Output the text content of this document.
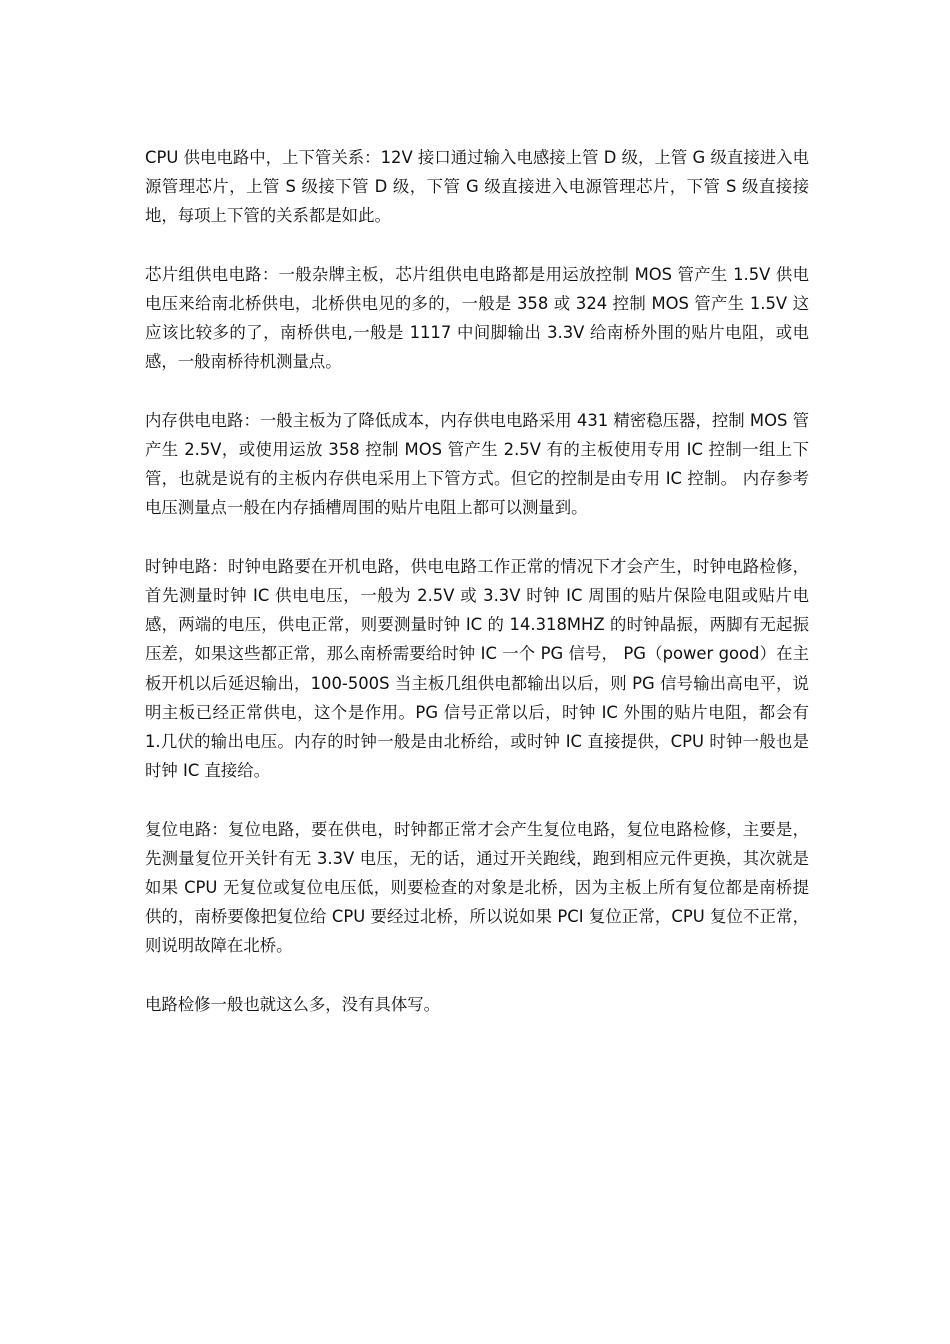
CPU 供电电路中，上下管关系：12V 接口通过输入电感接上管 D 级，上管 G 级直接进入电源管理芯片，上管 S 级接下管 D 级，下管 G 级直接进入电源管理芯片，下管 S 级直接接地，每项上下管的关系都是如此。

芯片组供电电路：一般杂牌主板，芯片组供电电路都是用运放控制 MOS 管产生 1.5V 供电电压来给南北桥供电，北桥供电见的多的，一般是 358 或 324 控制 MOS 管产生 1.5V 这应该比较多的了，南桥供电,一般是 1117 中间脚输出 3.3V 给南桥外围的贴片电阻，或电感，一般南桥待机测量点。

内存供电电路：一般主板为了降低成本，内存供电电路采用 431 精密稳压器，控制 MOS 管产生 2.5V，或使用运放 358 控制 MOS 管产生 2.5V 有的主板使用专用 IC 控制一组上下管，也就是说有的主板内存供电采用上下管方式。但它的控制是由专用 IC 控制。 内存参考电压测量点一般在内存插槽周围的贴片电阻上都可以测量到。

时钟电路：时钟电路要在开机电路，供电电路工作正常的情况下才会产生，时钟电路检修，首先测量时钟 IC 供电电压，一般为 2.5V 或 3.3V 时钟 IC 周围的贴片保险电阻或贴片电感，两端的电压，供电正常，则要测量时钟 IC 的 14.318MHZ 的时钟晶振，两脚有无起振压差，如果这些都正常，那么南桥需要给时钟 IC 一个 PG 信号， PG（power good）在主板开机以后延迟输出，100-500S 当主板几组供电都输出以后，则 PG 信号输出高电平，说明主板已经正常供电，这个是作用。PG 信号正常以后，时钟 IC 外围的贴片电阻，都会有 1.几伏的输出电压。内存的时钟一般是由北桥给，或时钟 IC 直接提供，CPU 时钟一般也是时钟 IC 直接给。

复位电路：复位电路，要在供电，时钟都正常才会产生复位电路，复位电路检修，主要是，先测量复位开关针有无 3.3V 电压，无的话，通过开关跑线，跑到相应元件更换，其次就是如果 CPU 无复位或复位电压低，则要检查的对象是北桥，因为主板上所有复位都是南桥提供的，南桥要像把复位给 CPU 要经过北桥，所以说如果 PCI 复位正常，CPU 复位不正常，则说明故障在北桥。

电路检修一般也就这么多，没有具体写。
